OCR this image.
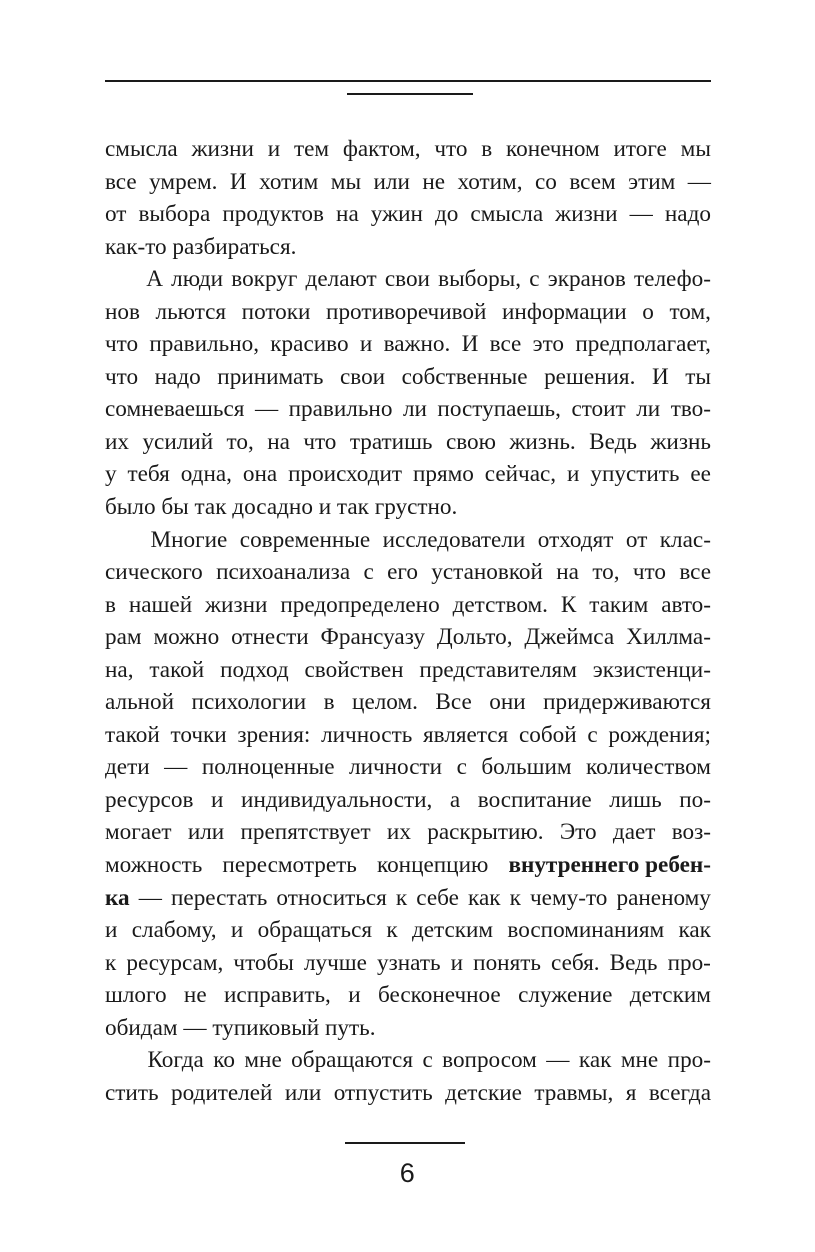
смысла жизни и тем фактом, что в конечном итоге мы
все умрем. И хотим мы или не хотим, со всем этим —
от выбора продуктов на ужин до смысла жизни — надо
как-то разбираться.
А люди вокруг делают свои выборы, с экранов телефо-
нов льются потоки противоречивой информации о том,
что правильно, красиво и важно. И все это предполагает,
что надо принимать свои собственные решения. И ты
сомневаешься — правильно ли поступаешь, стоит ли тво-
их усилий то, на что тратишь свою жизнь. Ведь жизнь
у тебя одна, она происходит прямо сейчас, и упустить ее
было бы так досадно и так грустно.
Многие современные исследователи отходят от клас-
сического психоанализа с его установкой на то, что все
в нашей жизни предопределено детством. К таким авто-
рам можно отнести Франсуазу Дольто, Джеймса Хиллма-
на, такой подход свойствен представителям экзистенци-
альной психологии в целом. Все они придерживаются
такой точки зрения: личность является собой с рождения;
дети — полноценные личности с большим количеством
ресурсов и индивидуальности, а воспитание лишь по-
могает или препятствует их раскрытию. Это дает воз-
можность пересмотреть концепцию внутреннего ребен-
ка — перестать относиться к себе как к чему-то раненому
и слабому, и обращаться к детским воспоминаниям как
к ресурсам, чтобы лучше узнать и понять себя. Ведь про-
шлого не исправить, и бесконечное служение детским
обидам — тупиковый путь.
Когда ко мне обращаются с вопросом — как мне про-
стить родителей или отпустить детские травмы, я всегда
6
